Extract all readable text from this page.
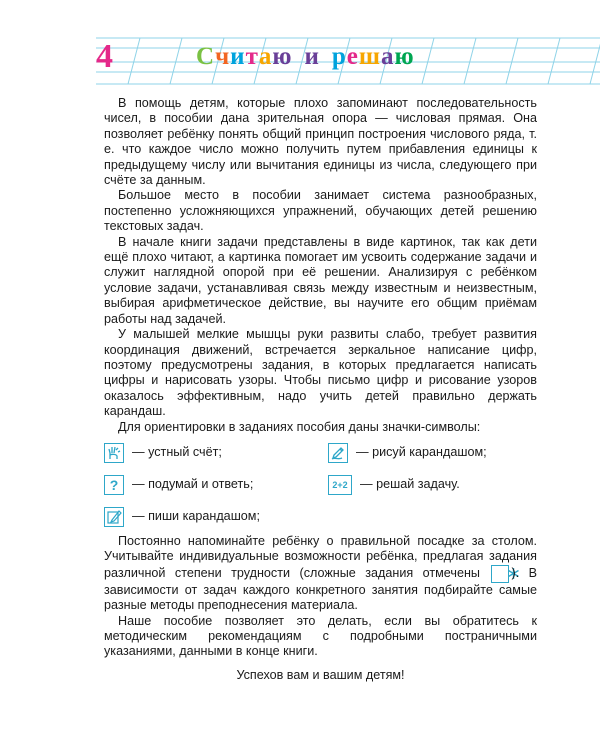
4	Считаю и решаю

В помощь детям, которые плохо запоминают последовательность чисел, в пособии дана зрительная опора — числовая прямая. Она позволяет ребёнку понять общий принцип построения числового ряда, т. е. что каждое число можно получить путем прибавления единицы к предыдущему числу или вычитания единицы из числа, следующего при счёте за данным.

Большое место в пособии занимает система разнообразных, постепенно усложняющихся упражнений, обучающих детей решению текстовых задач.

В начале книги задачи представлены в виде картинок, так как дети ещё плохо читают, а картинка помогает им усвоить содержание задачи и служит наглядной опорой при её решении. Анализируя с ребёнком условие задачи, устанавливая связь между известным и неизвестным, выбирая арифметическое действие, вы научите его общим приёмам работы над задачей.

У малышей мелкие мышцы руки развиты слабо, требует развития координация движений, встречается зеркальное написание цифр, поэтому предусмотрены задания, в которых предлагается написать цифры и нарисовать узоры. Чтобы письмо цифр и рисование узоров оказалось эффективным, надо учить детей правильно держать карандаш.

Для ориентировки в заданиях пособия даны значки-символы:

— устный счёт;	— рисуй карандашом;
? — подумай и ответь;	2+2 — решай задачу.
— пиши карандашом;

Постоянно напоминайте ребёнку о правильной посадке за столом. Учитывайте индивидуальные возможности ребёнка, предлагая задания различной степени трудности (сложные задания отмечены ). В зависимости от задач каждого конкретного занятия подбирайте самые разные методы преподнесения материала.

Наше пособие позволяет это делать, если вы обратитесь к методическим рекомендациям с подробными постраничными указаниями, данными в конце книги.

Успехов вам и вашим детям!
